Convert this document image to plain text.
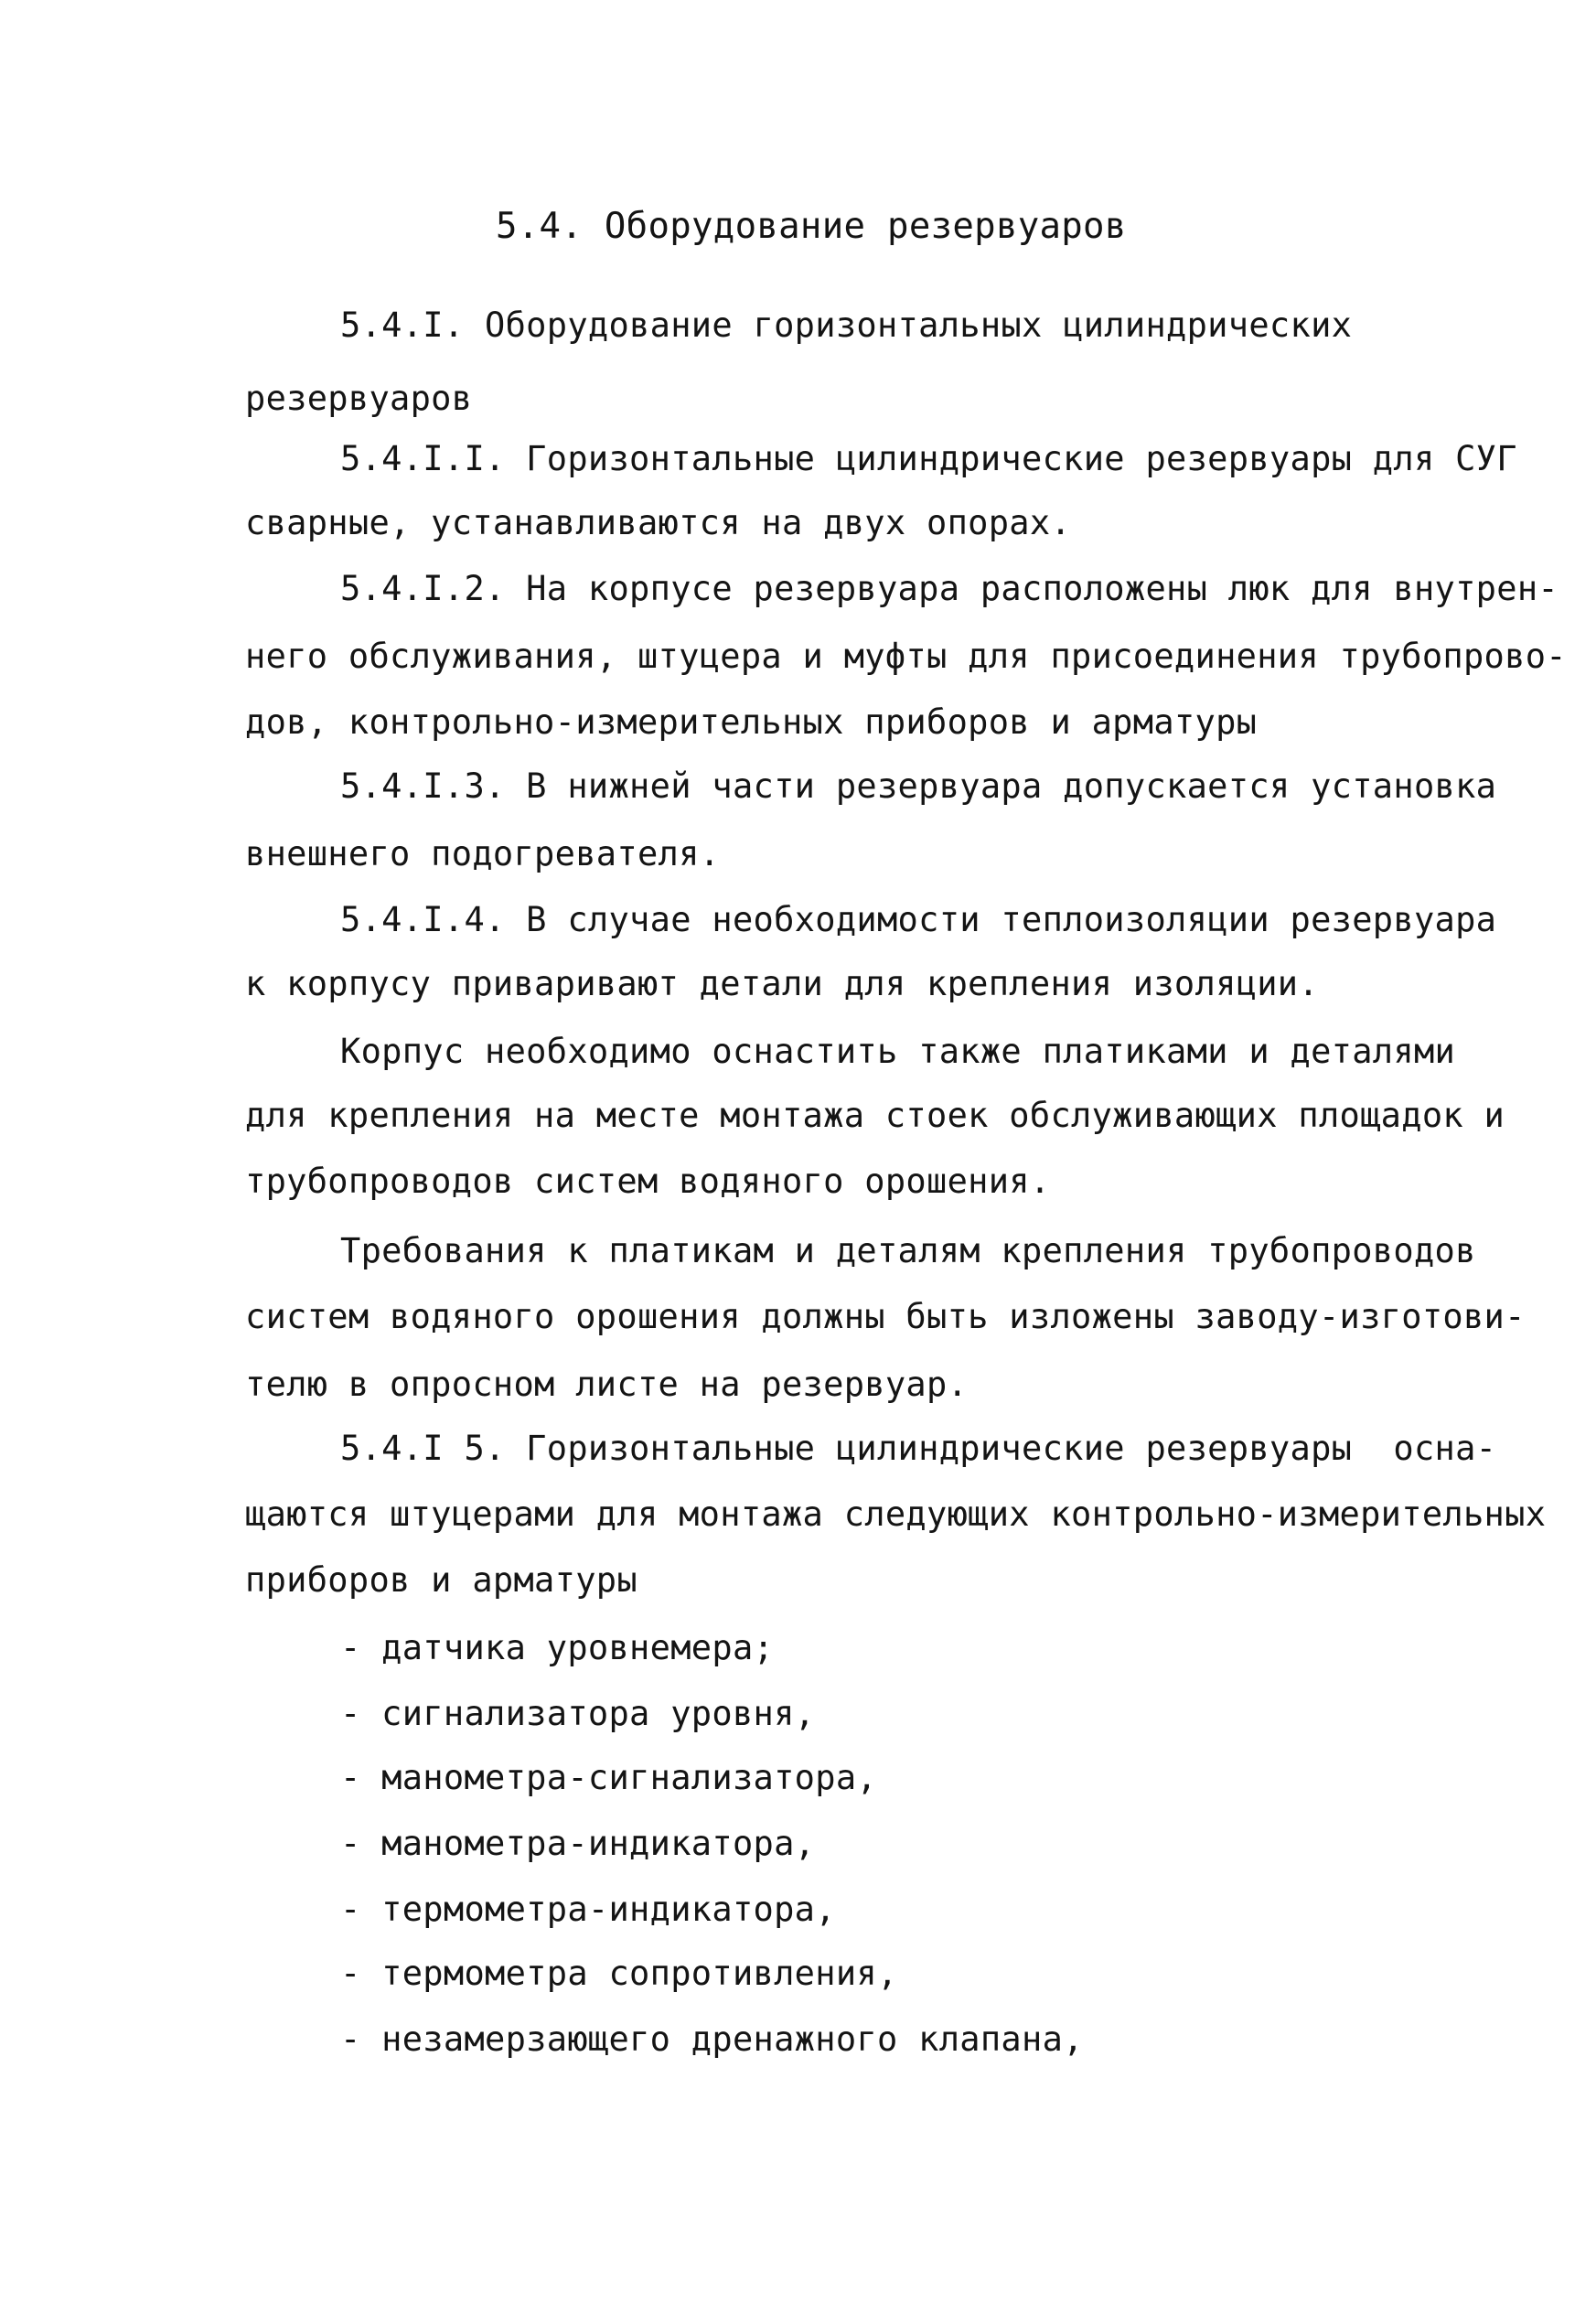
5.4. Оборудование резервуаров
5.4.I. Оборудование горизонтальных цилиндрических
резервуаров
5.4.I.I. Горизонтальные цилиндрические резервуары для СУГ
сварные, устанавливаются на двух опорах.
5.4.I.2. На корпусе резервуара расположены люк для внутрен-
него обслуживания, штуцера и муфты для присоединения трубопрово-
дов, контрольно-измерительных приборов и арматуры
5.4.I.3. В нижней части резервуара допускается установка
внешнего подогревателя.
5.4.I.4. В случае необходимости теплоизоляции резервуара
к корпусу приваривают детали для крепления изоляции.
Корпус необходимо оснастить также платиками и деталями
для крепления на месте монтажа стоек обслуживающих площадок и
трубопроводов систем водяного орошения.
Требования к платикам и деталям крепления трубопроводов
систем водяного орошения должны быть изложены заводу-изготови-
телю в опросном листе на резервуар.
5.4.I 5. Горизонтальные цилиндрические резервуары  осна-
щаются штуцерами для монтажа следующих контрольно-измерительных
приборов и арматуры
- датчика уровнемера;
- сигнализатора уровня,
- манометра-сигнализатора,
- манометра-индикатора,
- термометра-индикатора,
- термометра сопротивления,
- незамерзающего дренажного клапана,
